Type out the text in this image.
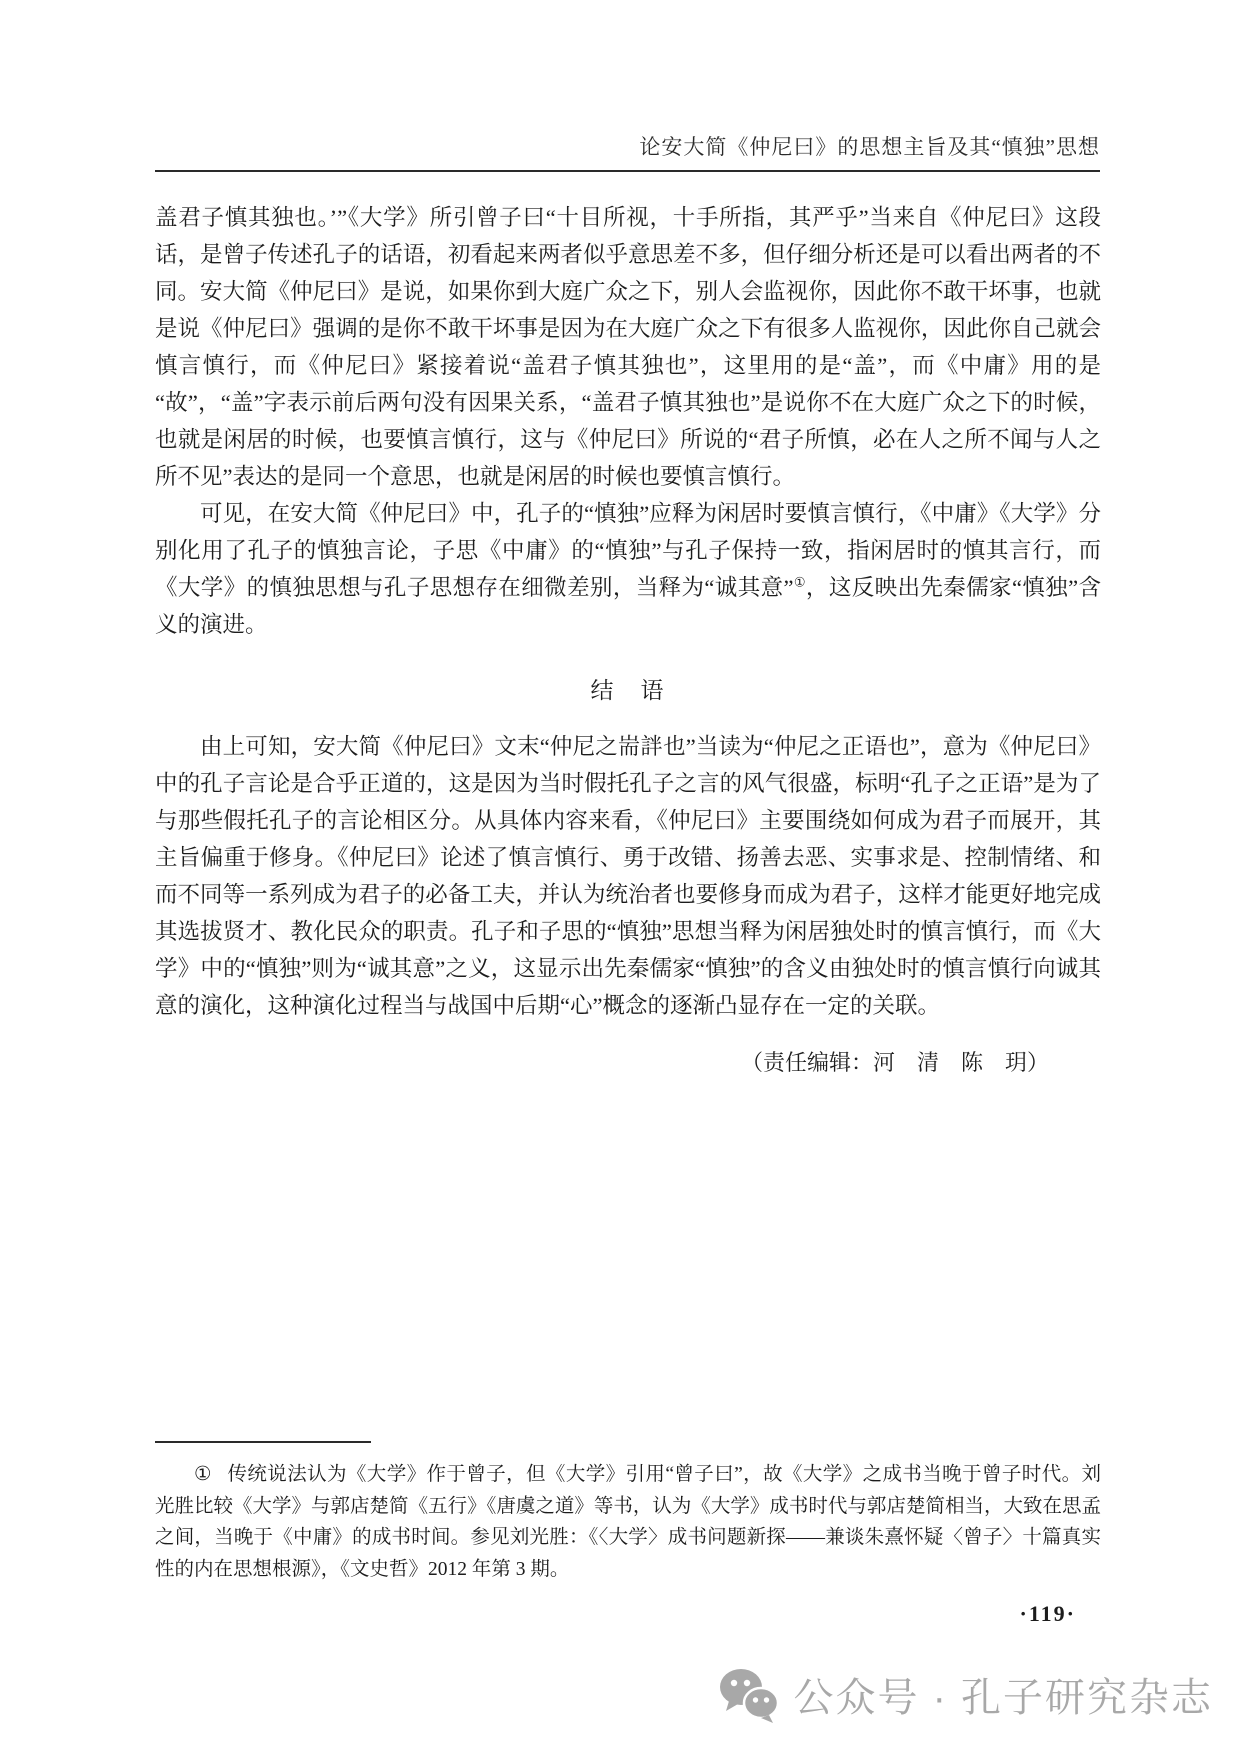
论安大简《仲尼曰》的思想主旨及其“慎独”思想

盖君子慎其独也。’”《大学》所引曾子曰“十目所视，十手所指，其严乎”当来自《仲尼曰》这段话，是曾子传述孔子的话语，初看起来两者似乎意思差不多，但仔细分析还是可以看出两者的不同。安大简《仲尼曰》是说，如果你到大庭广众之下，别人会监视你，因此你不敢干坏事，也就是说《仲尼曰》强调的是你不敢干坏事是因为在大庭广众之下有很多人监视你，因此你自己就会慎言慎行，而《仲尼曰》紧接着说“盖君子慎其独也”，这里用的是“盖”，而《中庸》用的是“故”，“盖”字表示前后两句没有因果关系，“盖君子慎其独也”是说你不在大庭广众之下的时候，也就是闲居的时候，也要慎言慎行，这与《仲尼曰》所说的“君子所慎，必在人之所不闻与人之所不见”表达的是同一个意思，也就是闲居的时候也要慎言慎行。

可见，在安大简《仲尼曰》中，孔子的“慎独”应释为闲居时要慎言慎行，《中庸》《大学》分别化用了孔子的慎独言论，子思《中庸》的“慎独”与孔子保持一致，指闲居时的慎其言行，而《大学》的慎独思想与孔子思想存在细微差别，当释为“诚其意”①，这反映出先秦儒家“慎独”含义的演进。

结　语

由上可知，安大简《仲尼曰》文末“仲尼之耑詊也”当读为“仲尼之正语也”，意为《仲尼曰》中的孔子言论是合乎正道的，这是因为当时假托孔子之言的风气很盛，标明“孔子之正语”是为了与那些假托孔子的言论相区分。从具体内容来看，《仲尼曰》主要围绕如何成为君子而展开，其主旨偏重于修身。《仲尼曰》论述了慎言慎行、勇于改错、扬善去恶、实事求是、控制情绪、和而不同等一系列成为君子的必备工夫，并认为统治者也要修身而成为君子，这样才能更好地完成其选拔贤才、教化民众的职责。孔子和子思的“慎独”思想当释为闲居独处时的慎言慎行，而《大学》中的“慎独”则为“诚其意”之义，这显示出先秦儒家“慎独”的含义由独处时的慎言慎行向诚其意的演化，这种演化过程当与战国中后期“心”概念的逐渐凸显存在一定的关联。

（责任编辑：河　清　陈　玥）

① 传统说法认为《大学》作于曾子，但《大学》引用“曾子曰”，故《大学》之成书当晚于曾子时代。刘光胜比较《大学》与郭店楚简《五行》《唐虞之道》等书，认为《大学》成书时代与郭店楚简相当，大致在思孟之间，当晚于《中庸》的成书时间。参见刘光胜：《〈大学〉成书问题新探——兼谈朱熹怀疑〈曾子〉十篇真实性的内在思想根源》，《文史哲》2012 年第 3 期。

·119·
公众号 · 孔子研究杂志
